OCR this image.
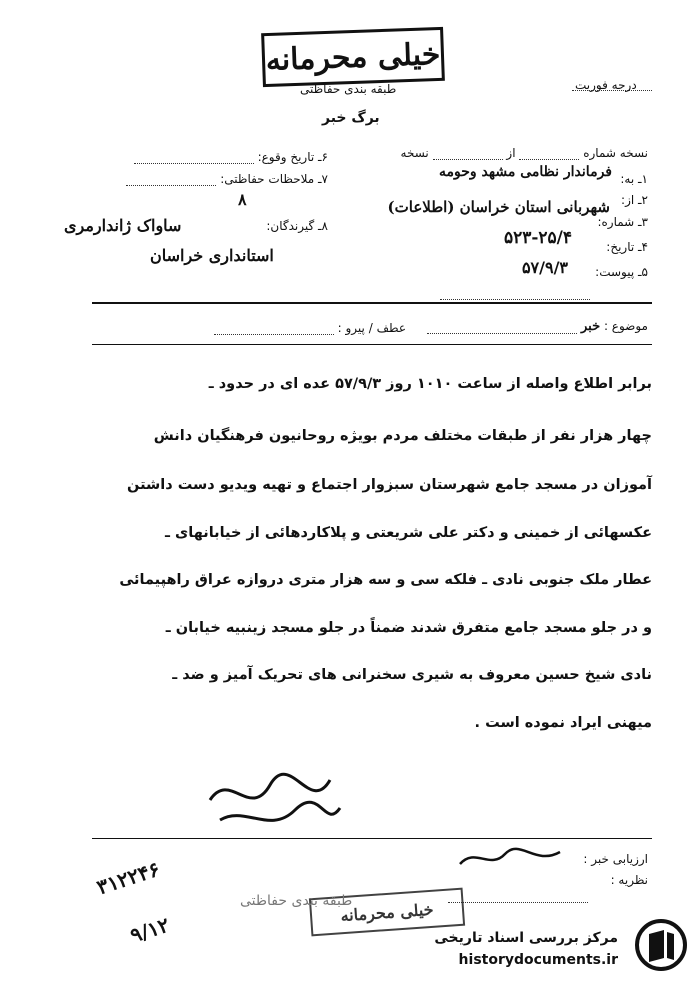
خیلی محرمانه
طبقه بندی حفاظتی
برگ خبر
درجه فوریت
نسخه شماره  از  نسخه
۱ـ به:
فرماندار نظامی مشهد وحومه
۲ـ از:
شهربانی استان خراسان (اطلاعات)
۳ـ شماره:
۵۲۳-۲۵/۴	۴ـ تاریخ:
۵۷/۹/۳ ۵ـ پیوست:
۶ـ تاریخ وقوع:
۷ـ ملاحظات حفاظتی:
۸
۸ـ گیرندگان:
ساواک ژاندارمری
استانداری خراسان
موضوع : خبر
عطف / پیرو :
برابر اطلاع واصله از ساعت ۱۰۱۰ روز ۵۷/۹/۳ عده ای در حدود ـ
چهار هزار نفر از طبقات مختلف مردم بویژه روحانیون فرهنگیان دانش
آموزان در مسجد جامع شهرستان سبزوار اجتماع و تهیه ویدیو دست داشتن
عکسهائی از خمینی و دکتر علی شریعتی و پلاکاردهائی از خیابانهای ـ
عطار ملک جنوبی نادی ـ فلکه سی و سه هزار متری دروازه عراق راهپیمائی
و در جلو مسجد جامع متفرق شدند ضمناً در جلو مسجد زینبیه خیابان ـ
نادی شیخ حسین معروف به شیری سخنرانی های تحریک آمیز و ضد ـ
میهنی ایراد نموده است .
ارزیابی خبر :
نظریه :
۳۱۲۲۴۶
۹/۱۲
خیلی محرمانه
طبقه بندی حفاظتی
مرکز بررسی اسناد تاریخی
historydocuments.ir
